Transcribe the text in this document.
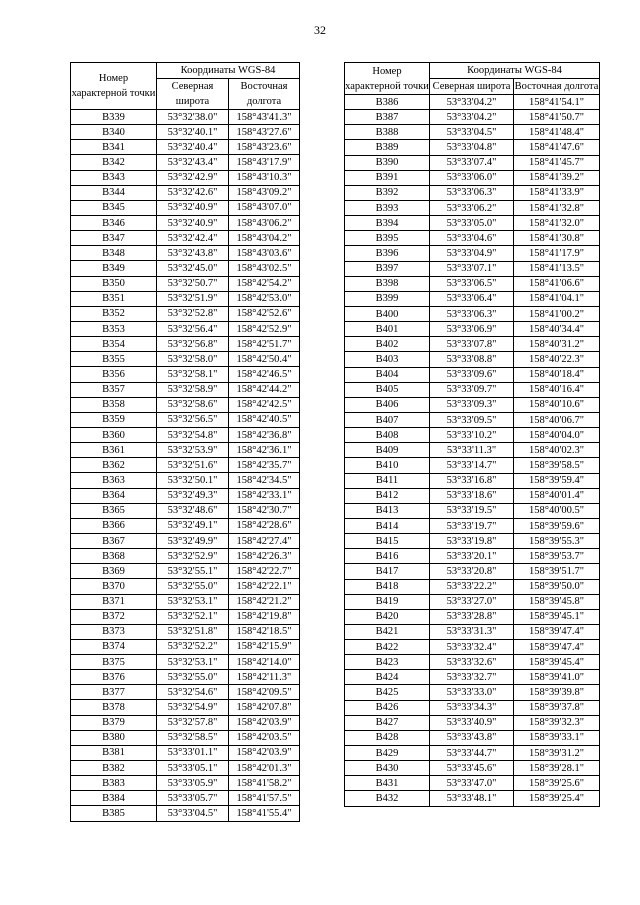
32
Номер характерной точки	Координаты WGS-84	
	Северная широта	Восточная долгота
В339	53°32'38.0"	158°43'41.3"
В340	53°32'40.1"	158°43'27.6"
В341	53°32'40.4"	158°43'23.6"
В342	53°32'43.4"	158°43'17.9"
В343	53°32'42.9"	158°43'10.3"
В344	53°32'42.6"	158°43'09.2"
В345	53°32'40.9"	158°43'07.0"
В346	53°32'40.9"	158°43'06.2"
В347	53°32'42.4"	158°43'04.2"
В348	53°32'43.8"	158°43'03.6"
В349	53°32'45.0"	158°43'02.5"
В350	53°32'50.7"	158°42'54.2"
В351	53°32'51.9"	158°42'53.0"
В352	53°32'52.8"	158°42'52.6"
В353	53°32'56.4"	158°42'52.9"
В354	53°32'56.8"	158°42'51.7"
В355	53°32'58.0"	158°42'50.4"
В356	53°32'58.1"	158°42'46.5"
В357	53°32'58.9"	158°42'44.2"
В358	53°32'58.6"	158°42'42.5"
В359	53°32'56.5"	158°42'40.5"
В360	53°32'54.8"	158°42'36.8"
В361	53°32'53.9"	158°42'36.1"
В362	53°32'51.6"	158°42'35.7"
В363	53°32'50.1"	158°42'34.5"
В364	53°32'49.3"	158°42'33.1"
В365	53°32'48.6"	158°42'30.7"
В366	53°32'49.1"	158°42'28.6"
В367	53°32'49.9"	158°42'27.4"
В368	53°32'52.9"	158°42'26.3"
В369	53°32'55.1"	158°42'22.7"
В370	53°32'55.0"	158°42'22.1"
В371	53°32'53.1"	158°42'21.2"
В372	53°32'52.1"	158°42'19.8"
В373	53°32'51.8"	158°42'18.5"
В374	53°32'52.2"	158°42'15.9"
В375	53°32'53.1"	158°42'14.0"
В376	53°32'55.0"	158°42'11.3"
В377	53°32'54.6"	158°42'09.5"
В378	53°32'54.9"	158°42'07.8"
В379	53°32'57.8"	158°42'03.9"
В380	53°32'58.5"	158°42'03.5"
В381	53°33'01.1"	158°42'03.9"
В382	53°33'05.1"	158°42'01.3"
В383	53°33'05.9"	158°41'58.2"
В384	53°33'05.7"	158°41'57.5"
В385	53°33'04.5"	158°41'55.4"
Номер характерной точки	Координаты WGS-84	
	Северная широта	Восточная долгота
В386	53°33'04.2"	158°41'54.1"
В387	53°33'04.2"	158°41'50.7"
В388	53°33'04.5"	158°41'48.4"
В389	53°33'04.8"	158°41'47.6"
В390	53°33'07.4"	158°41'45.7"
В391	53°33'06.0"	158°41'39.2"
В392	53°33'06.3"	158°41'33.9"
В393	53°33'06.2"	158°41'32.8"
В394	53°33'05.0"	158°41'32.0"
В395	53°33'04.6"	158°41'30.8"
В396	53°33'04.9"	158°41'17.9"
В397	53°33'07.1"	158°41'13.5"
В398	53°33'06.5"	158°41'06.6"
В399	53°33'06.4"	158°41'04.1"
В400	53°33'06.3"	158°41'00.2"
В401	53°33'06.9"	158°40'34.4"
В402	53°33'07.8"	158°40'31.2"
В403	53°33'08.8"	158°40'22.3"
В404	53°33'09.6"	158°40'18.4"
В405	53°33'09.7"	158°40'16.4"
В406	53°33'09.3"	158°40'10.6"
В407	53°33'09.5"	158°40'06.7"
В408	53°33'10.2"	158°40'04.0"
В409	53°33'11.3"	158°40'02.3"
В410	53°33'14.7"	158°39'58.5"
В411	53°33'16.8"	158°39'59.4"
В412	53°33'18.6"	158°40'01.4"
В413	53°33'19.5"	158°40'00.5"
В414	53°33'19.7"	158°39'59.6"
В415	53°33'19.8"	158°39'55.3"
В416	53°33'20.1"	158°39'53.7"
В417	53°33'20.8"	158°39'51.7"
В418	53°33'22.2"	158°39'50.0"
В419	53°33'27.0"	158°39'45.8"
В420	53°33'28.8"	158°39'45.1"
В421	53°33'31.3"	158°39'47.4"
В422	53°33'32.4"	158°39'47.4"
В423	53°33'32.6"	158°39'45.4"
В424	53°33'32.7"	158°39'41.0"
В425	53°33'33.0"	158°39'39.8"
В426	53°33'34.3"	158°39'37.8"
В427	53°33'40.9"	158°39'32.3"
В428	53°33'43.8"	158°39'33.1"
В429	53°33'44.7"	158°39'31.2"
В430	53°33'45.6"	158°39'28.1"
В431	53°33'47.0"	158°39'25.6"
В432	53°33'48.1"	158°39'25.4"
